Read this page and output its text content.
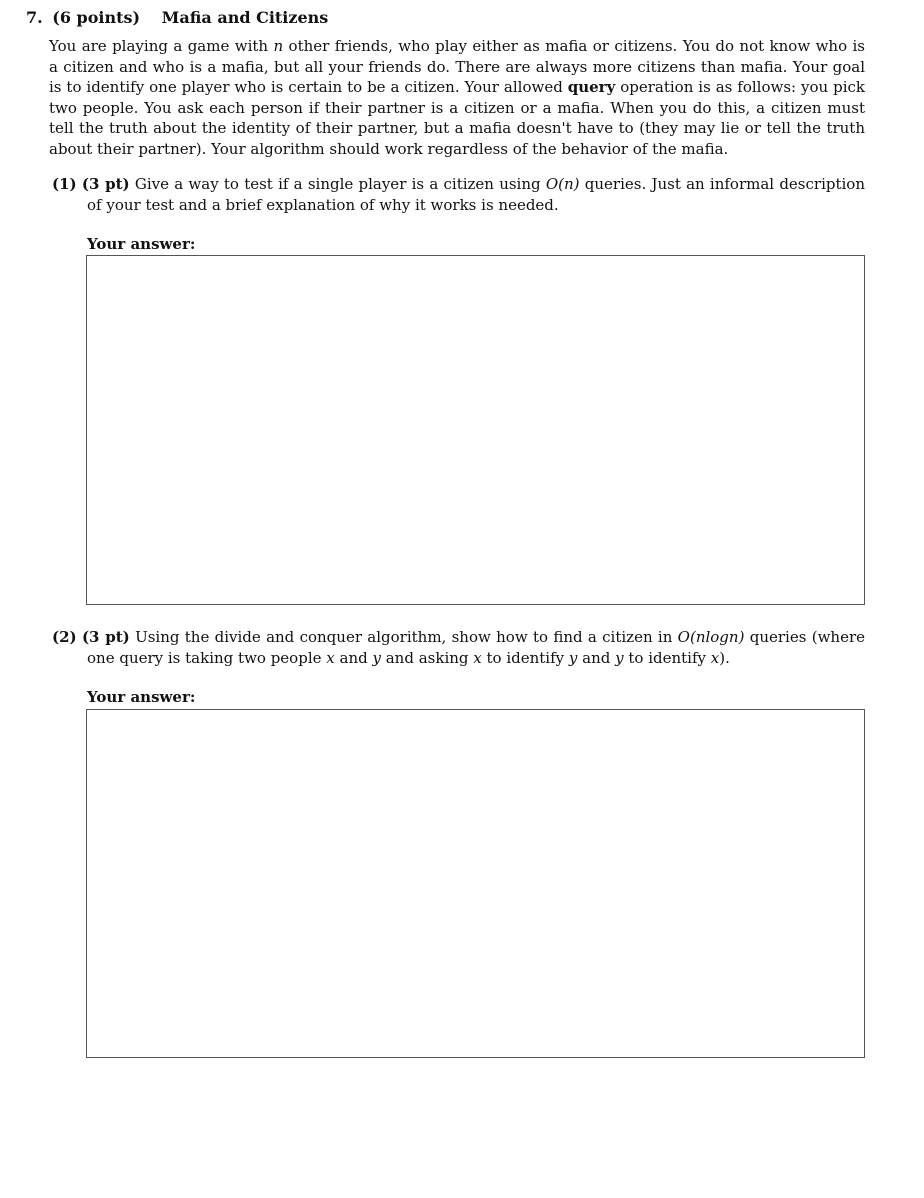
7. (6 points) Mafia and Citizens
You are playing a game with n other friends, who play either as mafia or citizens. You do not know who is a citizen and who is a mafia, but all your friends do. There are always more citizens than mafia. Your goal is to identify one player who is certain to be a citizen. Your allowed query operation is as follows: you pick two people. You ask each person if their partner is a citizen or a mafia. When you do this, a citizen must tell the truth about the identity of their partner, but a mafia doesn't have to (they may lie or tell the truth about their partner). Your algorithm should work regardless of the behavior of the mafia.
(1) (3 pt) Give a way to test if a single player is a citizen using O(n) queries. Just an informal description of your test and a brief explanation of why it works is needed.
Your answer:
(2) (3 pt) Using the divide and conquer algorithm, show how to find a citizen in O(nlogn) queries (where one query is taking two people x and y and asking x to identify y and y to identify x).
Your answer:
